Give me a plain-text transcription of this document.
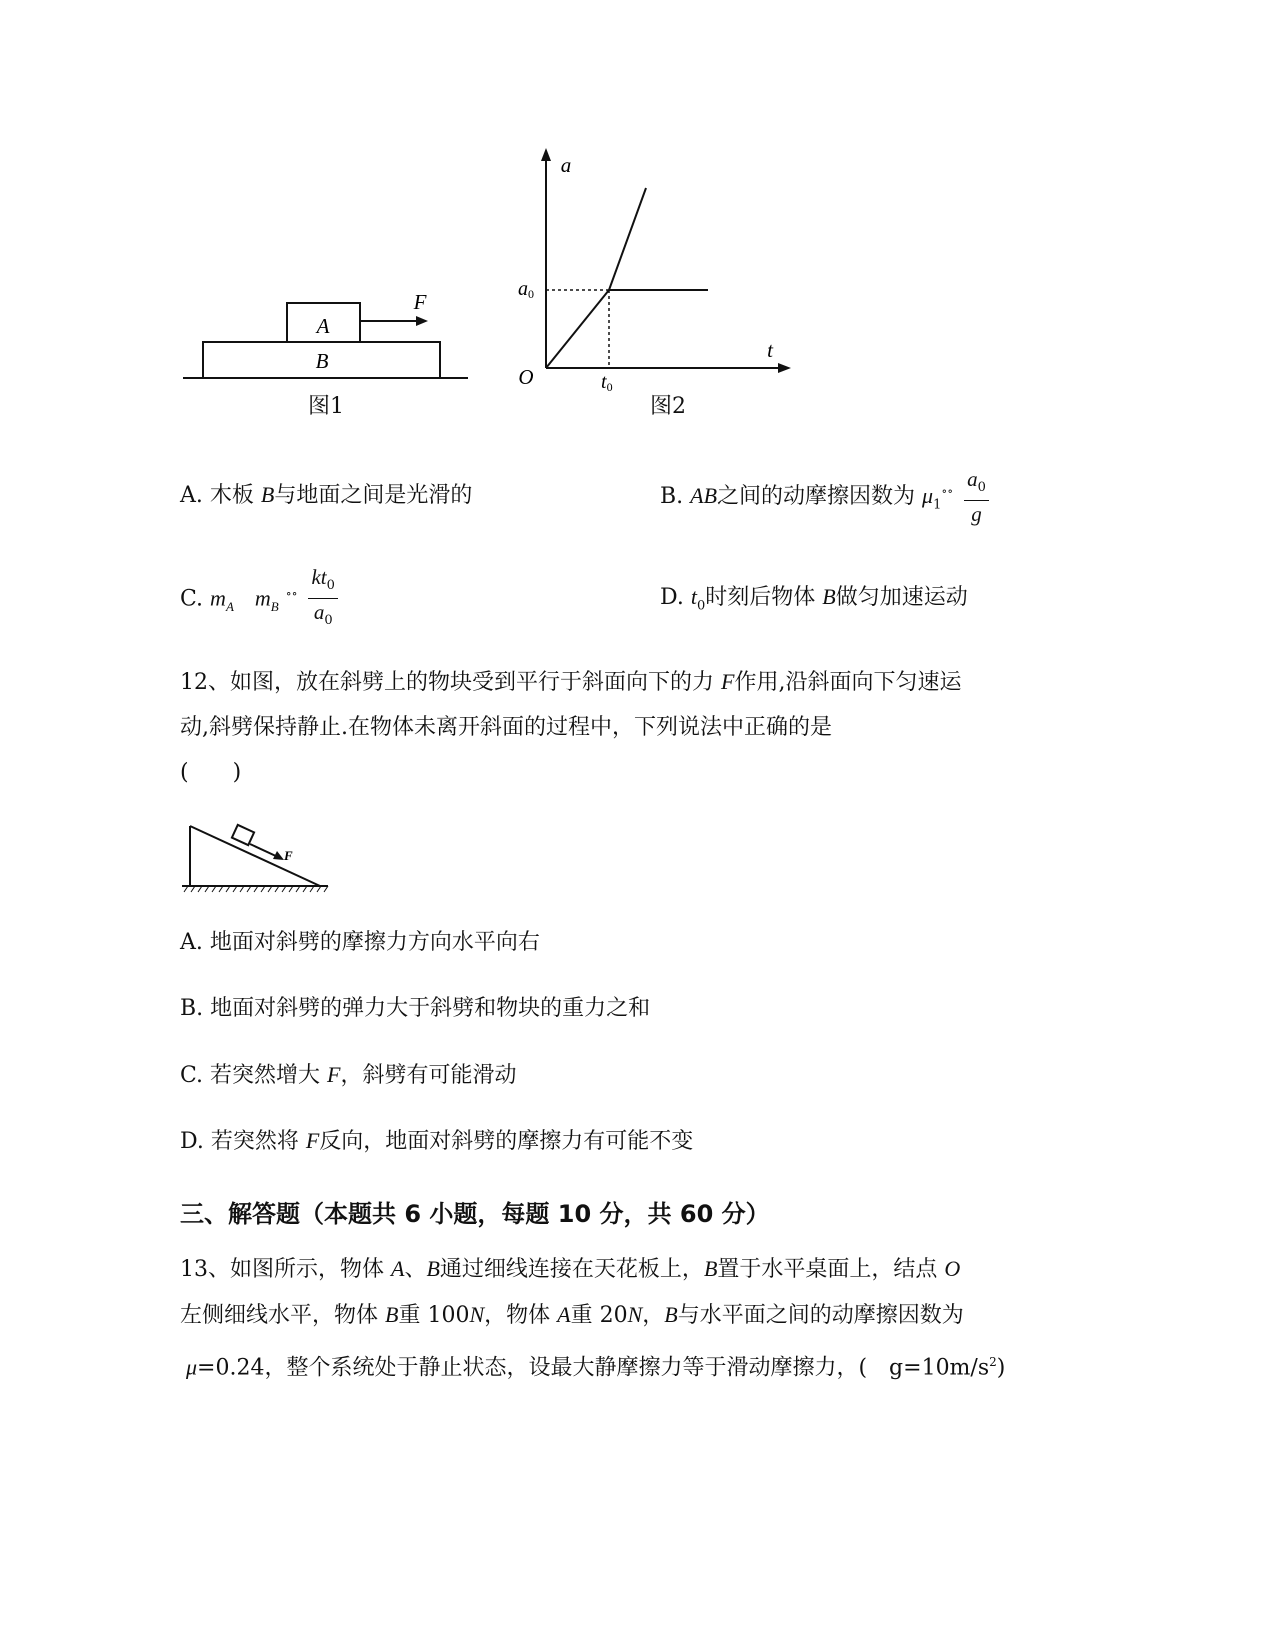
A
B
F
图1
a
t
O
a0
t0
图2
A. 木板 B与地面之间是光滑的	B. AB之间的动摩擦因数为 $\mu_1^{\circ\circ} \frac{a_0}{g}$
C. $m_A$ $m_B$ $^{\circ\circ} \frac{kt_0}{a_0}$	D. $t_0$时刻后物体 B做匀加速运动
12、如图，放在斜劈上的物块受到平行于斜面向下的力 F作用,沿斜面向下匀速运
动,斜劈保持静止.在物体未离开斜面的过程中，下列说法中正确的是
(　　)
F
A. 地面对斜劈的摩擦力方向水平向右
B. 地面对斜劈的弹力大于斜劈和物块的重力之和
C. 若突然增大 F，斜劈有可能滑动
D. 若突然将 F反向，地面对斜劈的摩擦力有可能不变
三、解答题（本题共 6 小题，每题 10 分，共 60 分）
13、如图所示，物体 A、B通过细线连接在天花板上，B置于水平桌面上，结点 O
左侧细线水平，物体 B重 100N，物体 A重 20N，B与水平面之间的动摩擦因数为
μ=0.24，整个系统处于静止状态，设最大静摩擦力等于滑动摩擦力，(　$g=10m/s^2$)
